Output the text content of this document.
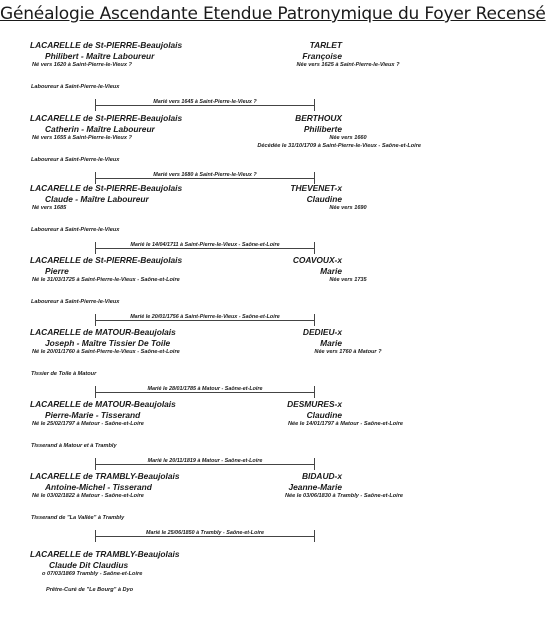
Généalogie Ascendante Etendue Patronymique du Foyer Recensé
LACARELLE de St-PIERRE-Beaujolais
Philibert - Maître Laboureur
Né vers 1620 à Saint-Pierre-le-Vieux ?
TARLET
Françoise
Née vers 1625 à Saint-Pierre-le-Vieux ?
Laboureur à Saint-Pierre-le-Vieux
Marié vers 1645 à Saint-Pierre-le-Vieux ?
LACARELLE de St-PIERRE-Beaujolais
Catherin - Maître Laboureur
Né vers 1655 à Saint-Pierre-le-Vieux ?
BERTHOUX
Philiberte
Née vers 1660
Décédée le 31/10/1709 à Saint-Pierre-le-Vieux - Saône-et-Loire
Laboureur à Saint-Pierre-le-Vieux
Marié vers 1680 à Saint-Pierre-le-Vieux ?
LACARELLE de St-PIERRE-Beaujolais
Claude - Maître Laboureur
Né vers 1685
THEVENET-x
Claudine
Née vers 1690
Laboureur à Saint-Pierre-le-Vieux
Marié le 14/04/1711 à Saint-Pierre-le-Vieux - Saône-et-Loire
LACARELLE de St-PIERRE-Beaujolais
Pierre
Né le 31/03/1725 à Saint-Pierre-le-Vieux - Saône-et-Loire
COAVOUX-x
Marie
Née vers 1735
Laboureur à Saint-Pierre-le-Vieux
Marié le 20/01/1756 à Saint-Pierre-le-Vieux - Saône-et-Loire
LACARELLE de MATOUR-Beaujolais
Joseph - Maître Tissier De Toile
Né le 20/01/1760 à Saint-Pierre-le-Vieux - Saône-et-Loire
DEDIEU-x
Marie
Née vers 1760 à Matour ?
Tissier de Toile à Matour
Marié le 28/01/1785 à Matour - Saône-et-Loire
LACARELLE de MATOUR-Beaujolais
Pierre-Marie - Tisserand
Né le 25/02/1797 à Matour - Saône-et-Loire
DESMURES-x
Claudine
Née le 14/01/1797 à Matour - Saône-et-Loire
Tisserand à Matour et à Trambly
Marié le 20/11/1819 à Matour - Saône-et-Loire
LACARELLE de TRAMBLY-Beaujolais
Antoine-Michel - Tisserand
Né le 03/02/1822 à Matour - Saône-et-Loire
BIDAUD-x
Jeanne-Marie
Née le 03/06/1830 à Trambly - Saône-et-Loire
Tisserand de "La Vallée" à Trambly
Marié le 25/06/1850 à Trambly - Saône-et-Loire
LACARELLE de TRAMBLY-Beaujolais
Claude Dit Claudius
o 07/03/1869 Trambly - Saône-et-Loire
Prêtre-Curé de "Le Bourg" à Dyo
